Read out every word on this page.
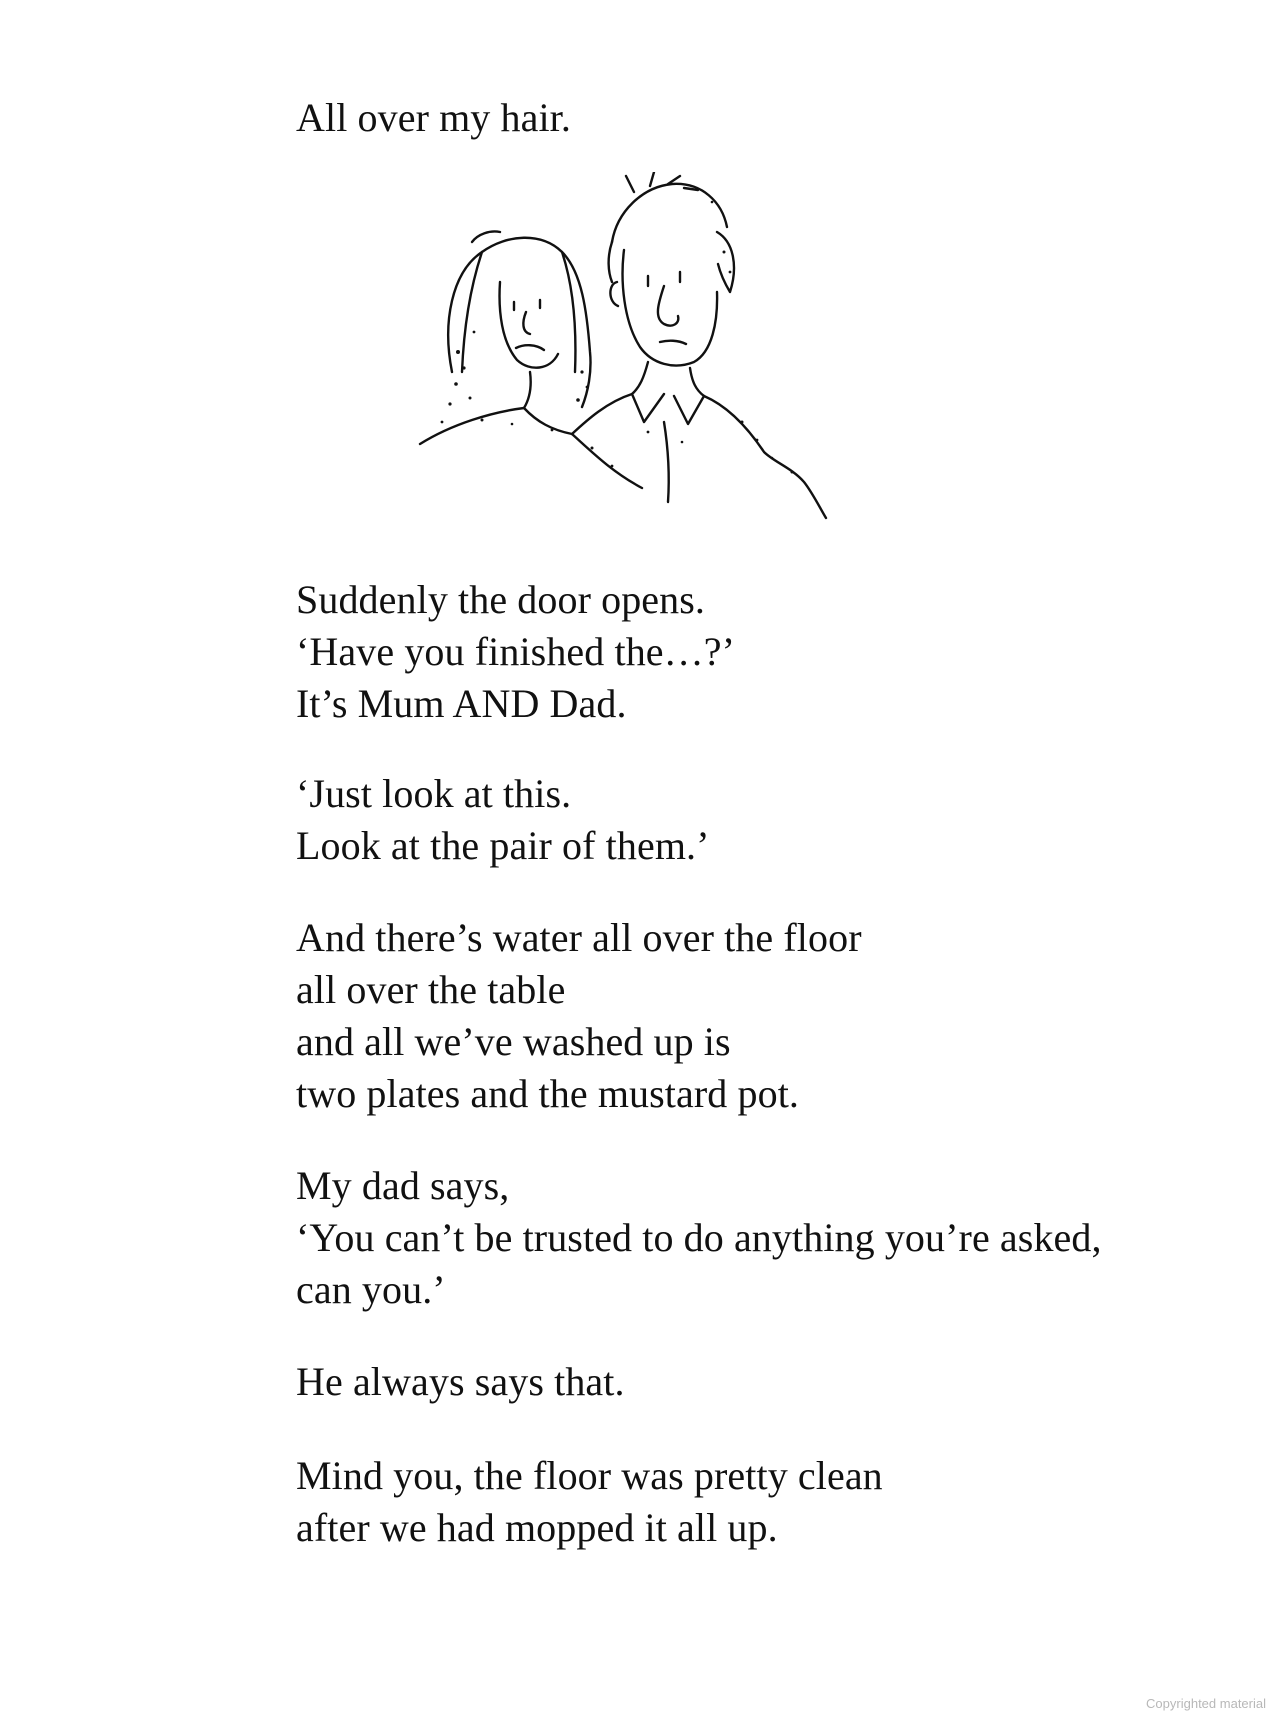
All over my hair.
Suddenly the door opens.
‘Have you finished the…?’
It’s Mum AND Dad.
‘Just look at this.
Look at the pair of them.’
And there’s water all over the floor
all over the table
and all we’ve washed up is
two plates and the mustard pot.
My dad says,
‘You can’t be trusted to do anything you’re asked,
can you.’
He always says that.
Mind you, the floor was pretty clean
after we had mopped it all up.
Copyrighted material
